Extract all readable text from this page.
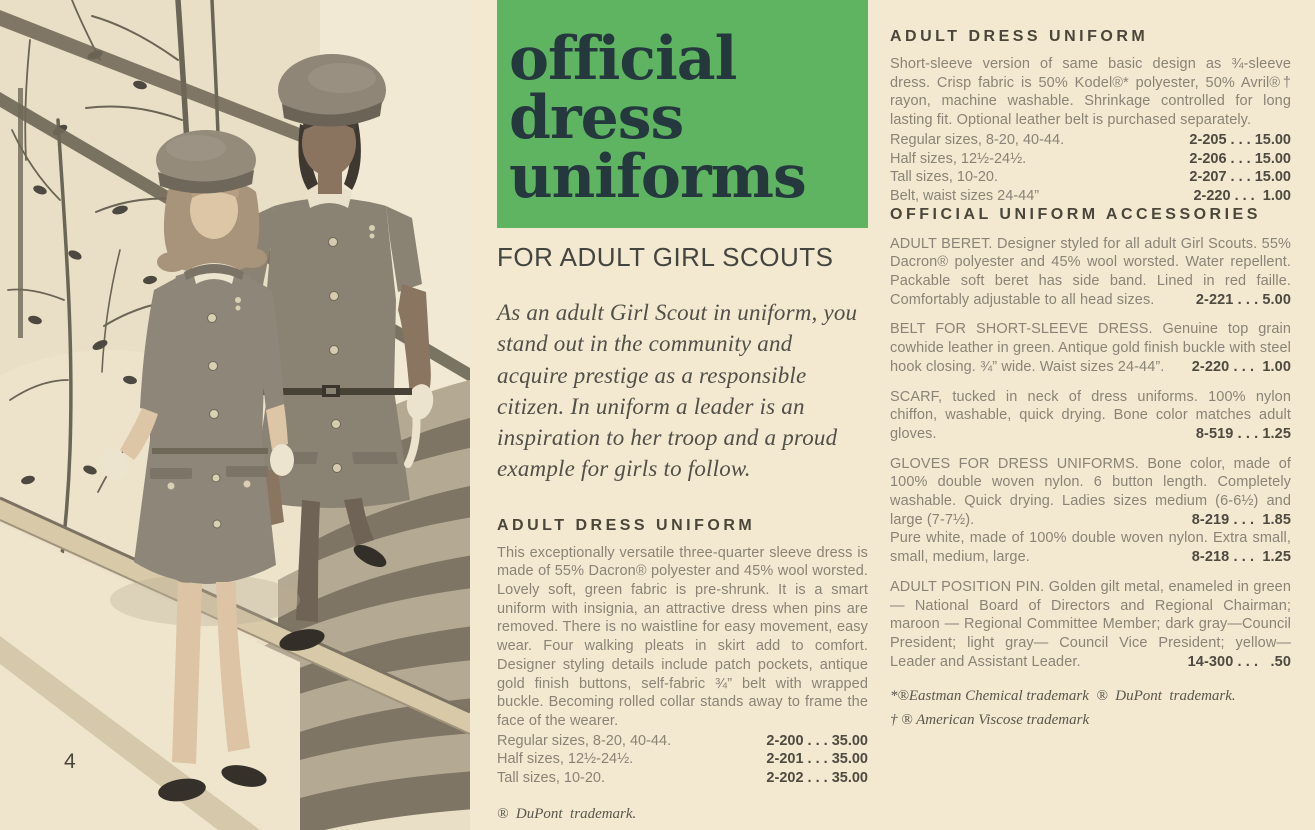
4
official
dress
uniforms
FOR ADULT GIRL SCOUTS

As an adult Girl Scout in uniform, you stand out in the community and acquire prestige as a responsible citizen. In uniform a leader is an inspiration to her troop and a proud example for girls to follow.

ADULT DRESS UNIFORM

This exceptionally versatile three-quarter sleeve dress is made of 55% Dacron® polyester and 45% wool worsted. Lovely soft, green fabric is pre-shrunk. It is a smart uniform with insignia, an attractive dress when pins are removed. There is no waistline for easy movement, easy wear. Four walking pleats in skirt add to comfort. Designer styling details include patch pockets, antique gold finish buttons, self-fabric ¾” belt with wrapped buckle. Becoming rolled collar stands away to frame the face of the wearer.

Regular sizes, 8-20, 40-44.	2-200 . . . 35.00
Half sizes, 12½-24½.	2-201 . . . 35.00
Tall sizes, 10-20.	2-202 . . . 35.00

®  DuPont  trademark.

ADULT DRESS UNIFORM

Short-sleeve version of same basic design as ¾-sleeve dress. Crisp fabric is 50% Kodel®* polyester, 50% Avril®† rayon, machine washable. Shrinkage controlled for long lasting fit. Optional leather belt is purchased separately.

Regular sizes, 8-20, 40-44.	2-205 . . . 15.00
Half sizes, 12½-24½.	2-206 . . . 15.00
Tall sizes, 10-20.	2-207 . . . 15.00
Belt, waist sizes 24-44”	2-220 . . .  1.00
OFFICIAL UNIFORM ACCESSORIES

ADULT BERET. Designer styled for all adult Girl Scouts. 55% Dacron® polyester and 45% wool worsted. Water repellent. Packable soft beret has side band. Lined in red faille. Comfortably adjustable to all head sizes.	2-221 . . . 5.00

BELT FOR SHORT-SLEEVE DRESS. Genuine top grain cowhide leather in green. Antique gold finish buckle with steel hook closing. ¾” wide. Waist sizes 24-44”. 2-220 . . .  1.00

SCARF, tucked in neck of dress uniforms. 100% nylon chiffon, washable, quick drying. Bone color matches adult gloves.	8-519 . . . 1.25

GLOVES FOR DRESS UNIFORMS. Bone color, made of 100% double woven nylon. 6 button length. Completely washable. Quick drying. Ladies sizes medium (6-6½) and large (7-7½).	8-219 . . .  1.85

Pure white, made of 100% double woven nylon. Extra small, small, medium, large.	8-218 . . .  1.25

ADULT POSITION PIN. Golden gilt metal, enameled in green — National Board of Directors and Regional Chairman; maroon — Regional Committee Member; dark gray—Council President; light gray— Council Vice President; yellow—Leader and Assistant Leader.	14-300 . . .   .50

*®Eastman Chemical trademark  ®  DuPont  trademark.
† ® American Viscose trademark
